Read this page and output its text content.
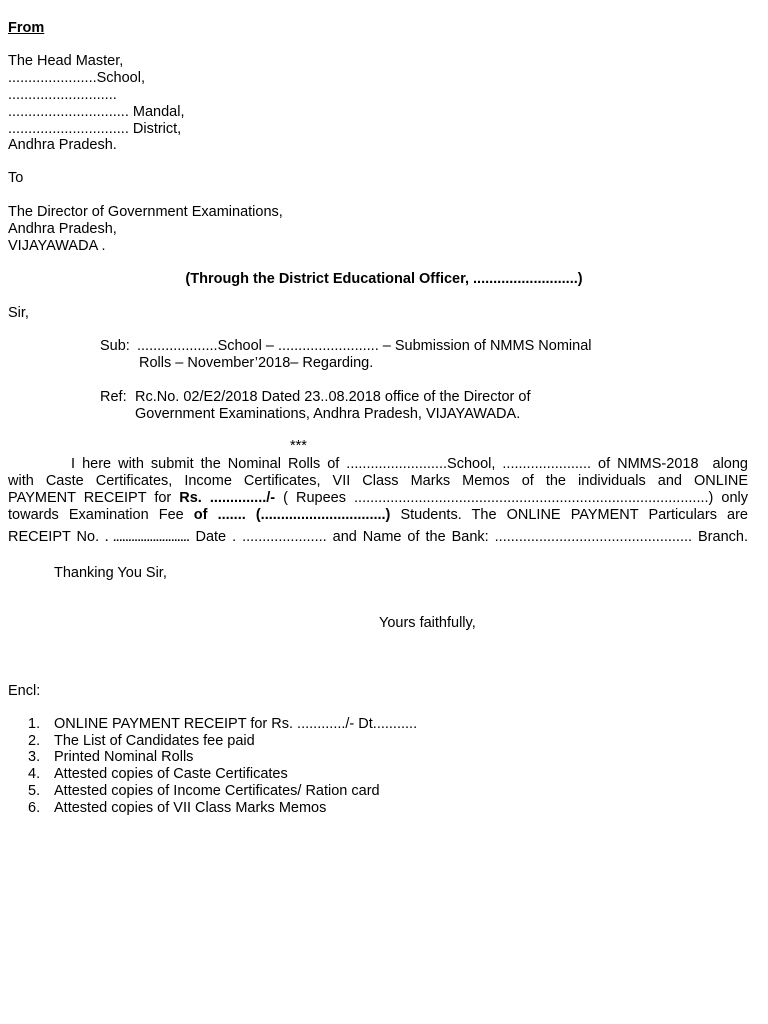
From
The Head Master,
......................School,
...........................
.............................. Mandal,
.............................. District,
Andhra Pradesh.
To
The Director of Government Examinations,
Andhra Pradesh,
VIJAYAWADA .
(Through the District Educational Officer, ..........................)
Sir,
Sub: ....................School – ......................... – Submission of NMMS Nominal
Rolls – November’2018– Regarding.
Ref: Rc.No. 02/E2/2018 Dated 23..08.2018 office of the Director of
Government Examinations, Andhra Pradesh, VIJAYAWADA.
***
I here with submit the Nominal Rolls of .........................School, ...................... of NMMS-2018  along
with Caste Certificates, Income Certificates, VII Class Marks Memos of the individuals and ONLINE
PAYMENT RECEIPT for Rs. ............../- ( Rupees ........................................................................................) only
towards Examination Fee of ....... (...............................) Students. The ONLINE PAYMENT Particulars are
RECEIPT No. . ......................... Date . ..................... and Name of the Bank: ................................................. Branch.
Thanking You Sir,
Yours faithfully,
Encl:
1. ONLINE PAYMENT RECEIPT for Rs. ............/- Dt...........
2. The List of Candidates fee paid
3. Printed Nominal Rolls
4. Attested copies of Caste Certificates
5. Attested copies of Income Certificates/ Ration card
6. Attested copies of VII Class Marks Memos
